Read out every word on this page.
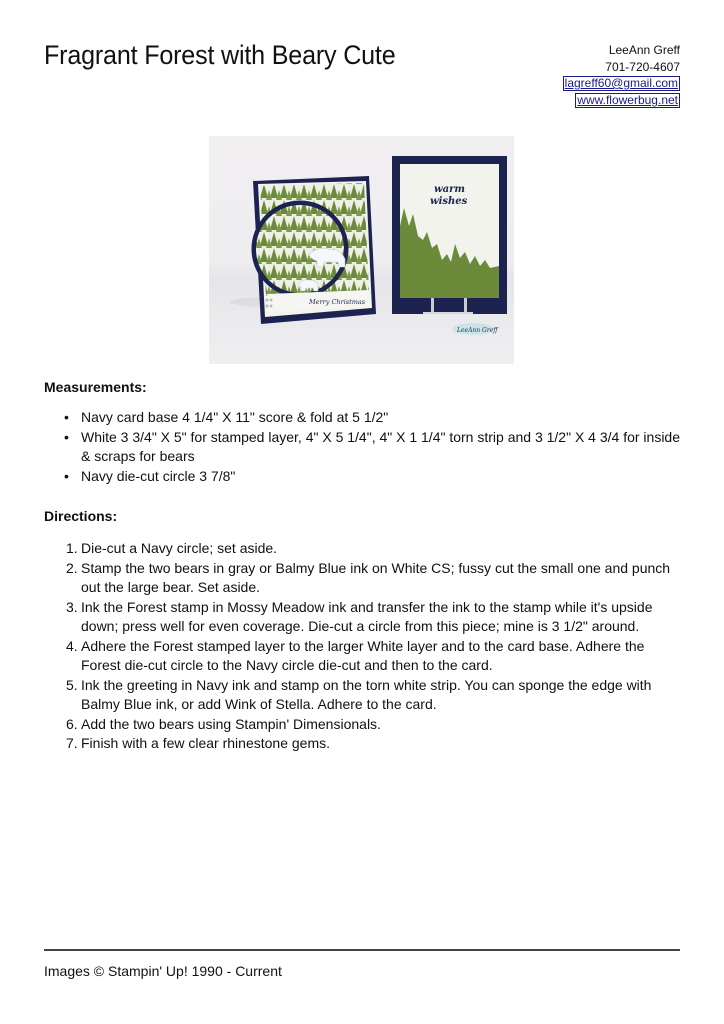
Fragrant Forest with Beary Cute	LeeAnn Greff
701-720-4607
lagreff60@gmail.com
www.flowerbug.net
Merry Christmas
warm
wishes
LeeAnn Greff
Measurements:
• Navy card base 4 1/4" X 11" score & fold at 5 1/2"
• White 3 3/4" X 5" for stamped layer, 4" X 5 1/4", 4" X 1 1/4" torn strip and 3 1/2" X 4 3/4 for inside & scraps for bears
• Navy die-cut circle 3 7/8"
Directions:
1. Die-cut a Navy circle; set aside.
2. Stamp the two bears in gray or Balmy Blue ink on White CS; fussy cut the small one and punch out the large bear. Set aside.
3. Ink the Forest stamp in Mossy Meadow ink and transfer the ink to the stamp while it's upside down; press well for even coverage. Die-cut a circle from this piece; mine is 3 1/2" around.
4. Adhere the Forest stamped layer to the larger White layer and to the card base. Adhere the Forest die-cut circle to the Navy circle die-cut and then to the card.
5. Ink the greeting in Navy ink and stamp on the torn white strip. You can sponge the edge with Balmy Blue ink, or add Wink of Stella. Adhere to the card.
6. Add the two bears using Stampin' Dimensionals.
7. Finish with a few clear rhinestone gems.
Images © Stampin' Up! 1990 - Current
